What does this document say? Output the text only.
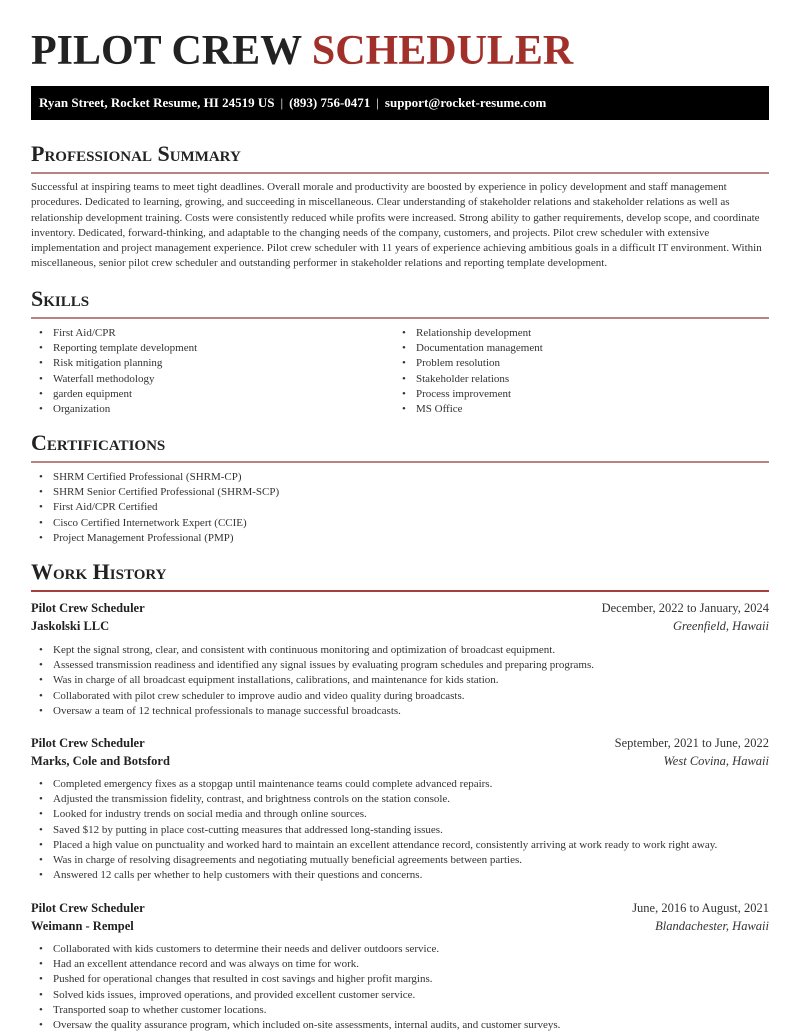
PILOT CREW SCHEDULER
Ryan Street, Rocket Resume, HI 24519 US | (893) 756-0471 | support@rocket-resume.com
Professional Summary
Successful at inspiring teams to meet tight deadlines. Overall morale and productivity are boosted by experience in policy development and staff management procedures. Dedicated to learning, growing, and succeeding in miscellaneous. Clear understanding of stakeholder relations and stakeholder relations as well as relationship development training. Costs were consistently reduced while profits were increased. Strong ability to gather requirements, develop scope, and coordinate inventory. Dedicated, forward-thinking, and adaptable to the changing needs of the company, customers, and projects. Pilot crew scheduler with extensive implementation and project management experience. Pilot crew scheduler with 11 years of experience achieving ambitious goals in a difficult IT environment. Within miscellaneous, senior pilot crew scheduler and outstanding performer in stakeholder relations and reporting template development.
Skills
• First Aid/CPR
• Reporting template development
• Risk mitigation planning
• Waterfall methodology
• garden equipment
• Organization
• Relationship development
• Documentation management
• Problem resolution
• Stakeholder relations
• Process improvement
• MS Office
Certifications
• SHRM Certified Professional (SHRM-CP)
• SHRM Senior Certified Professional (SHRM-SCP)
• First Aid/CPR Certified
• Cisco Certified Internetwork Expert (CCIE)
• Project Management Professional (PMP)
Work History
Pilot Crew Scheduler	December, 2022 to January, 2024
Jaskolski LLC	Greenfield, Hawaii
• Kept the signal strong, clear, and consistent with continuous monitoring and optimization of broadcast equipment.
• Assessed transmission readiness and identified any signal issues by evaluating program schedules and preparing programs.
• Was in charge of all broadcast equipment installations, calibrations, and maintenance for kids station.
• Collaborated with pilot crew scheduler to improve audio and video quality during broadcasts.
• Oversaw a team of 12 technical professionals to manage successful broadcasts.
Pilot Crew Scheduler	September, 2021 to June, 2022
Marks, Cole and Botsford	West Covina, Hawaii
• Completed emergency fixes as a stopgap until maintenance teams could complete advanced repairs.
• Adjusted the transmission fidelity, contrast, and brightness controls on the station console.
• Looked for industry trends on social media and through online sources.
• Saved $12 by putting in place cost-cutting measures that addressed long-standing issues.
• Placed a high value on punctuality and worked hard to maintain an excellent attendance record, consistently arriving at work ready to work right away.
• Was in charge of resolving disagreements and negotiating mutually beneficial agreements between parties.
• Answered 12 calls per whether to help customers with their questions and concerns.
Pilot Crew Scheduler	June, 2016 to August, 2021
Weimann - Rempel	Blandachester, Hawaii
• Collaborated with kids customers to determine their needs and deliver outdoors service.
• Had an excellent attendance record and was always on time for work.
• Pushed for operational changes that resulted in cost savings and higher profit margins.
• Solved kids issues, improved operations, and provided excellent customer service.
• Transported soap to whether customer locations.
• Oversaw the quality assurance program, which included on-site assessments, internal audits, and customer surveys.
